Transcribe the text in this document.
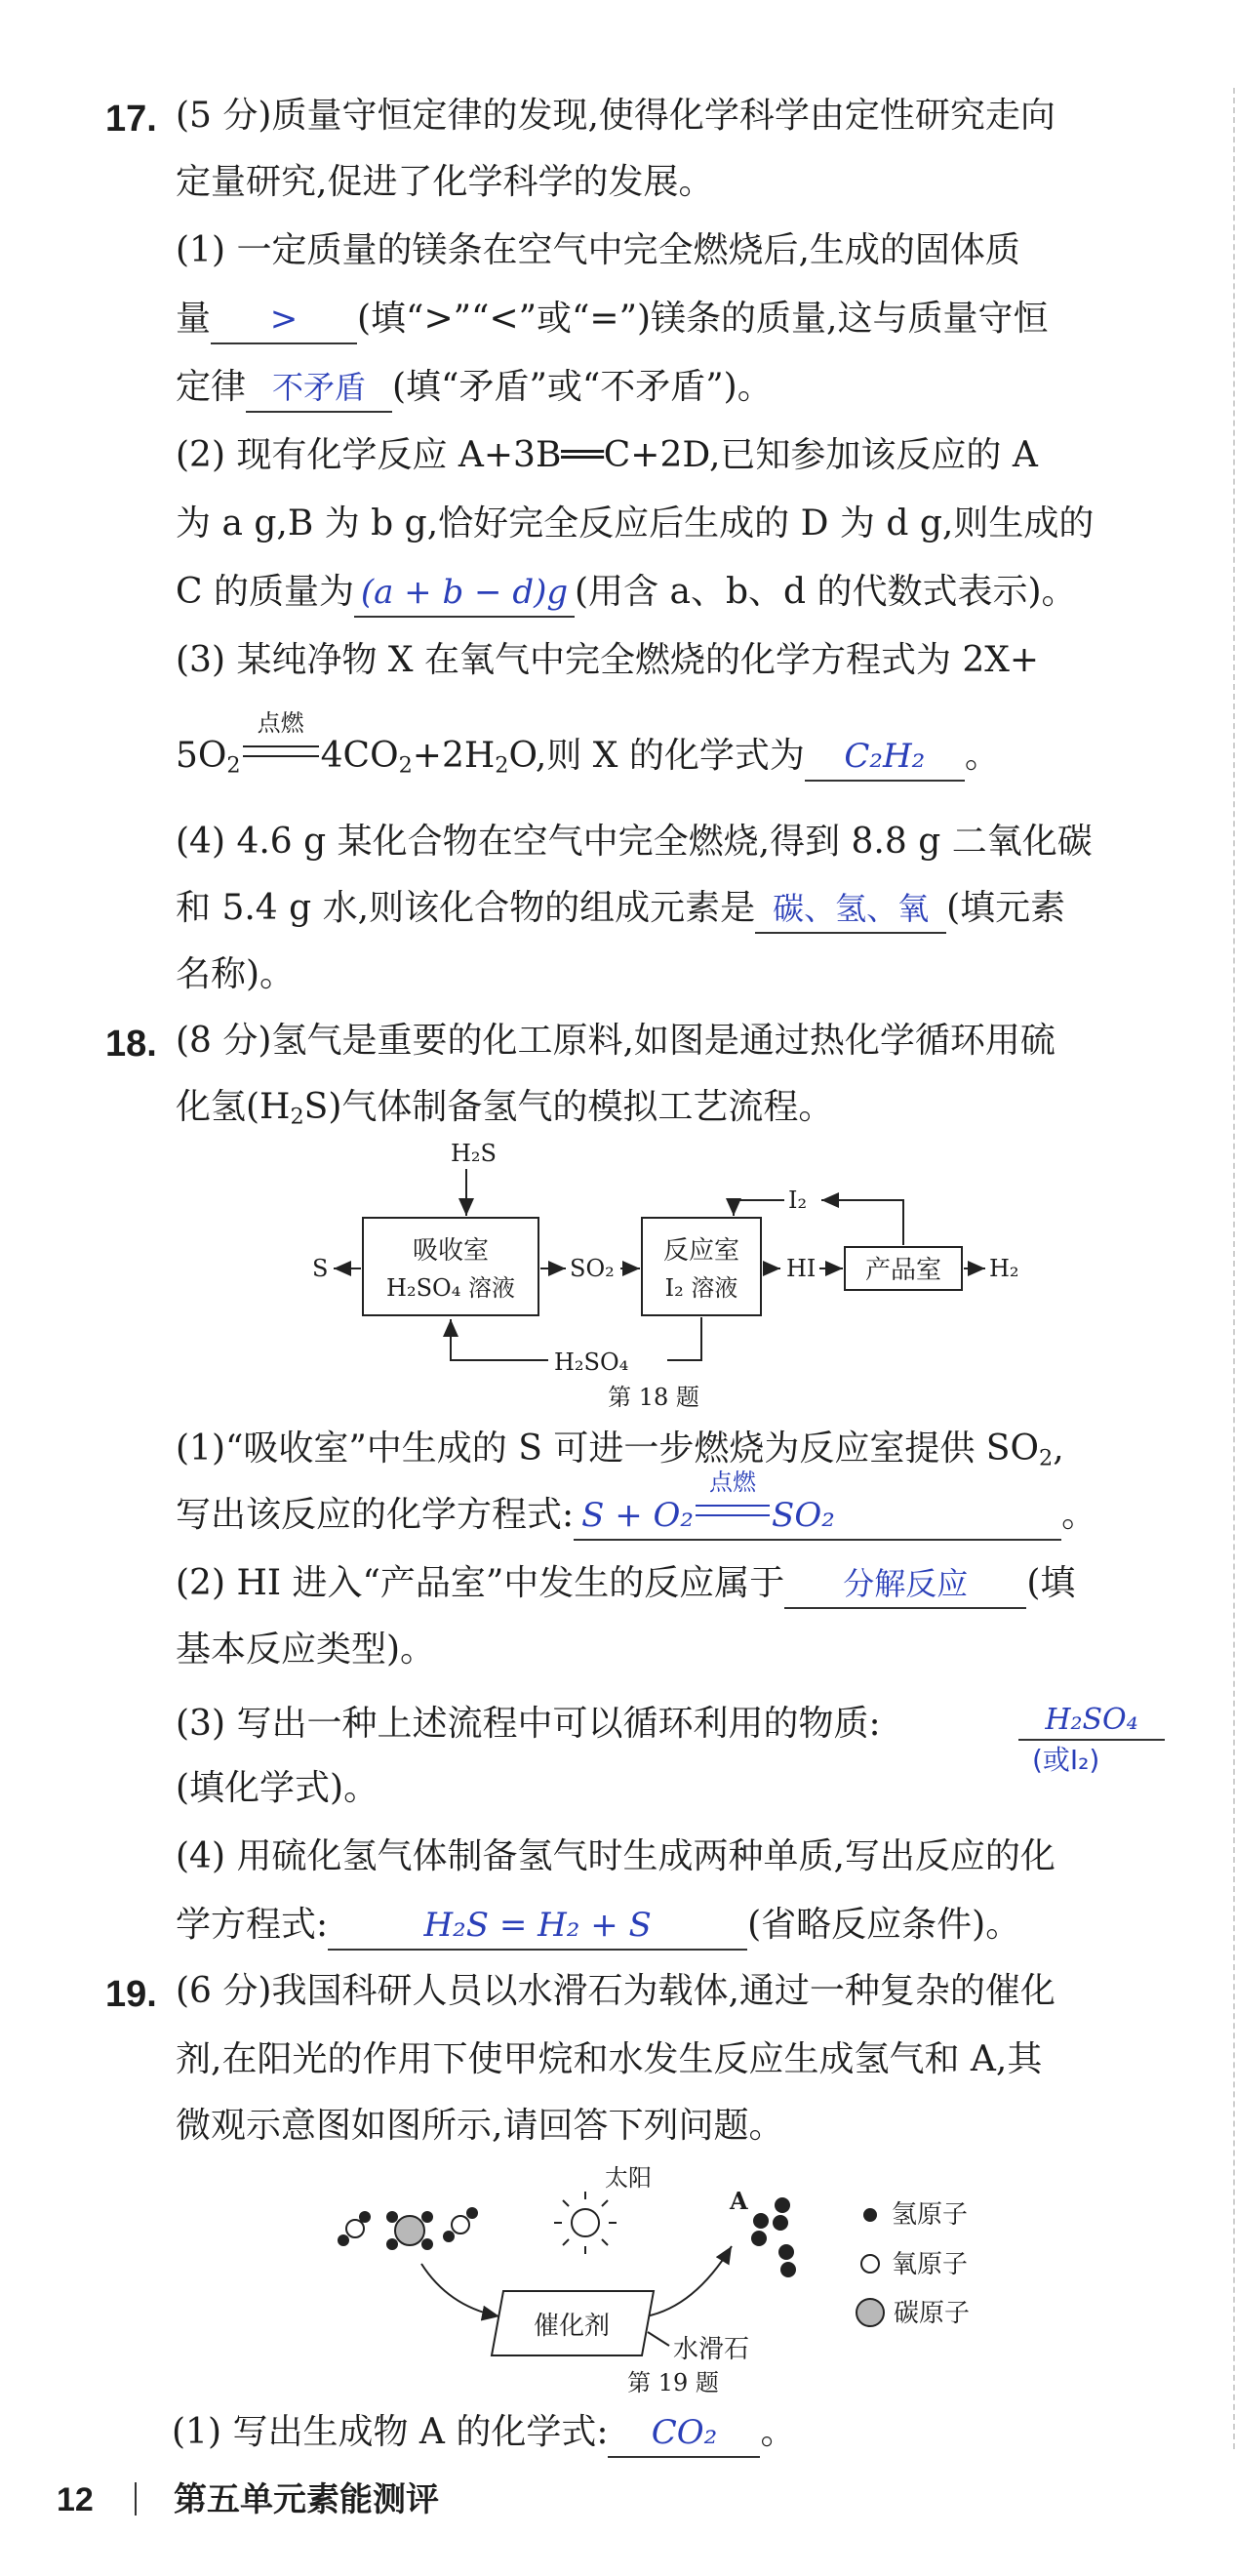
17. (5 分)质量守恒定律的发现,使得化学科学由定性研究走向
定量研究,促进了化学科学的发展。
(1) 一定质量的镁条在空气中完全燃烧后,生成的固体质
量 > (填“>”“<”或“=”)镁条的质量,这与质量守恒
定律 不矛盾 (填“矛盾”或“不矛盾”)。
(2) 现有化学反应 A+3B══C+2D,已知参加该反应的 A
为 a g,B 为 b g,恰好完全反应后生成的 D 为 d g,则生成的
C 的质量为 (a + b − d)g (用含 a、b、d 的代数式表示)。
(3) 某纯净物 X 在氧气中完全燃烧的化学方程式为 2X+
$5O_2$
点燃
$4CO_2+2H_2O$,则 X 的化学式为 C₂H₂ 。
(4) 4.6 g 某化合物在空气中完全燃烧,得到 8.8 g 二氧化碳
和 5.4 g 水,则该化合物的组成元素是 碳、氢、氧 (填元素
名称)。
18. (8 分)氢气是重要的化工原料,如图是通过热化学循环用硫
化氢$(H_2S)$气体制备氢气的模拟工艺流程。
H₂S
吸收室
H₂SO₄ 溶液
S	SO₂
反应室
I₂ 溶液
HI 产品室 H₂
I₂
H₂SO₄
第 18 题
(1)“吸收室”中生成的 S 可进一步燃烧为反应室提供 $SO_2$,
写出该反应的化学方程式: S + O₂
点燃
SO₂	。
(2) HI 进入“产品室”中发生的反应属于 分解反应 (填
基本反应类型)。
(3) 写出一种上述流程中可以循环利用的物质:	H₂SO₄
(或I₂)
(填化学式)。
(4) 用硫化氢气体制备氢气时生成两种单质,写出反应的化
学方程式:	H₂S = H₂ + S	(省略反应条件)。
19. (6 分)我国科研人员以水滑石为载体,通过一种复杂的催化
剂,在阳光的作用下使甲烷和水发生反应生成氢气和 A,其
微观示意图如图所示,请回答下列问题。
太阳
催化剂
水滑石
A	氢原子
氧原子
碳原子
第 19 题
(1) 写出生成物 A 的化学式: CO₂ 。
12 第五单元素能测评
